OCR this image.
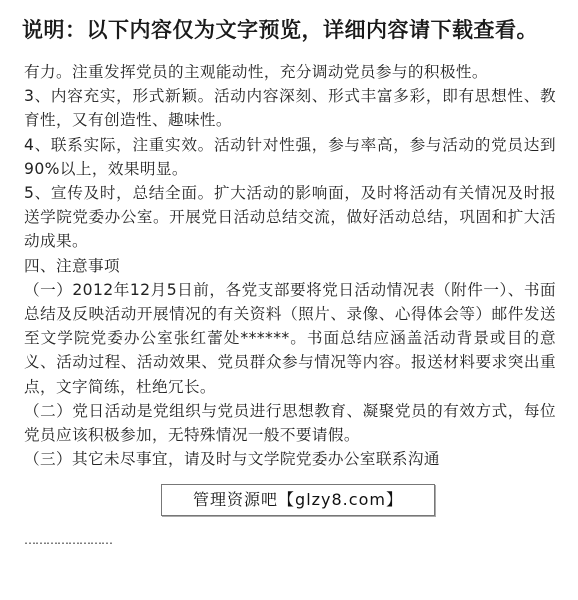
说明：以下内容仅为文字预览，详细内容请下载查看。

有力。注重发挥党员的主观能动性，充分调动党员参与的积极性。

3、内容充实，形式新颖。活动内容深刻、形式丰富多彩，即有思想性、教育性，又有创造性、趣味性。

4、联系实际，注重实效。活动针对性强，参与率高，参与活动的党员达到90%以上，效果明显。

5、宣传及时，总结全面。扩大活动的影响面，及时将活动有关情况及时报送学院党委办公室。开展党日活动总结交流，做好活动总结，巩固和扩大活动成果。

四、注意事项

（一）2012年12月5日前，各党支部要将党日活动情况表（附件一）、书面总结及反映活动开展情况的有关资料（照片、录像、心得体会等）邮件发送至文学院党委办公室张红蕾处******。书面总结应涵盖活动背景或目的意义、活动过程、活动效果、党员群众参与情况等内容。报送材料要求突出重点，文字简练，杜绝冗长。

（二）党日活动是党组织与党员进行思想教育、凝聚党员的有效方式，每位党员应该积极参加，无特殊情况一般不要请假。

（三）其它未尽事宜，请及时与文学院党委办公室联系沟通

……………………
管理资源吧【glzy8.com】
